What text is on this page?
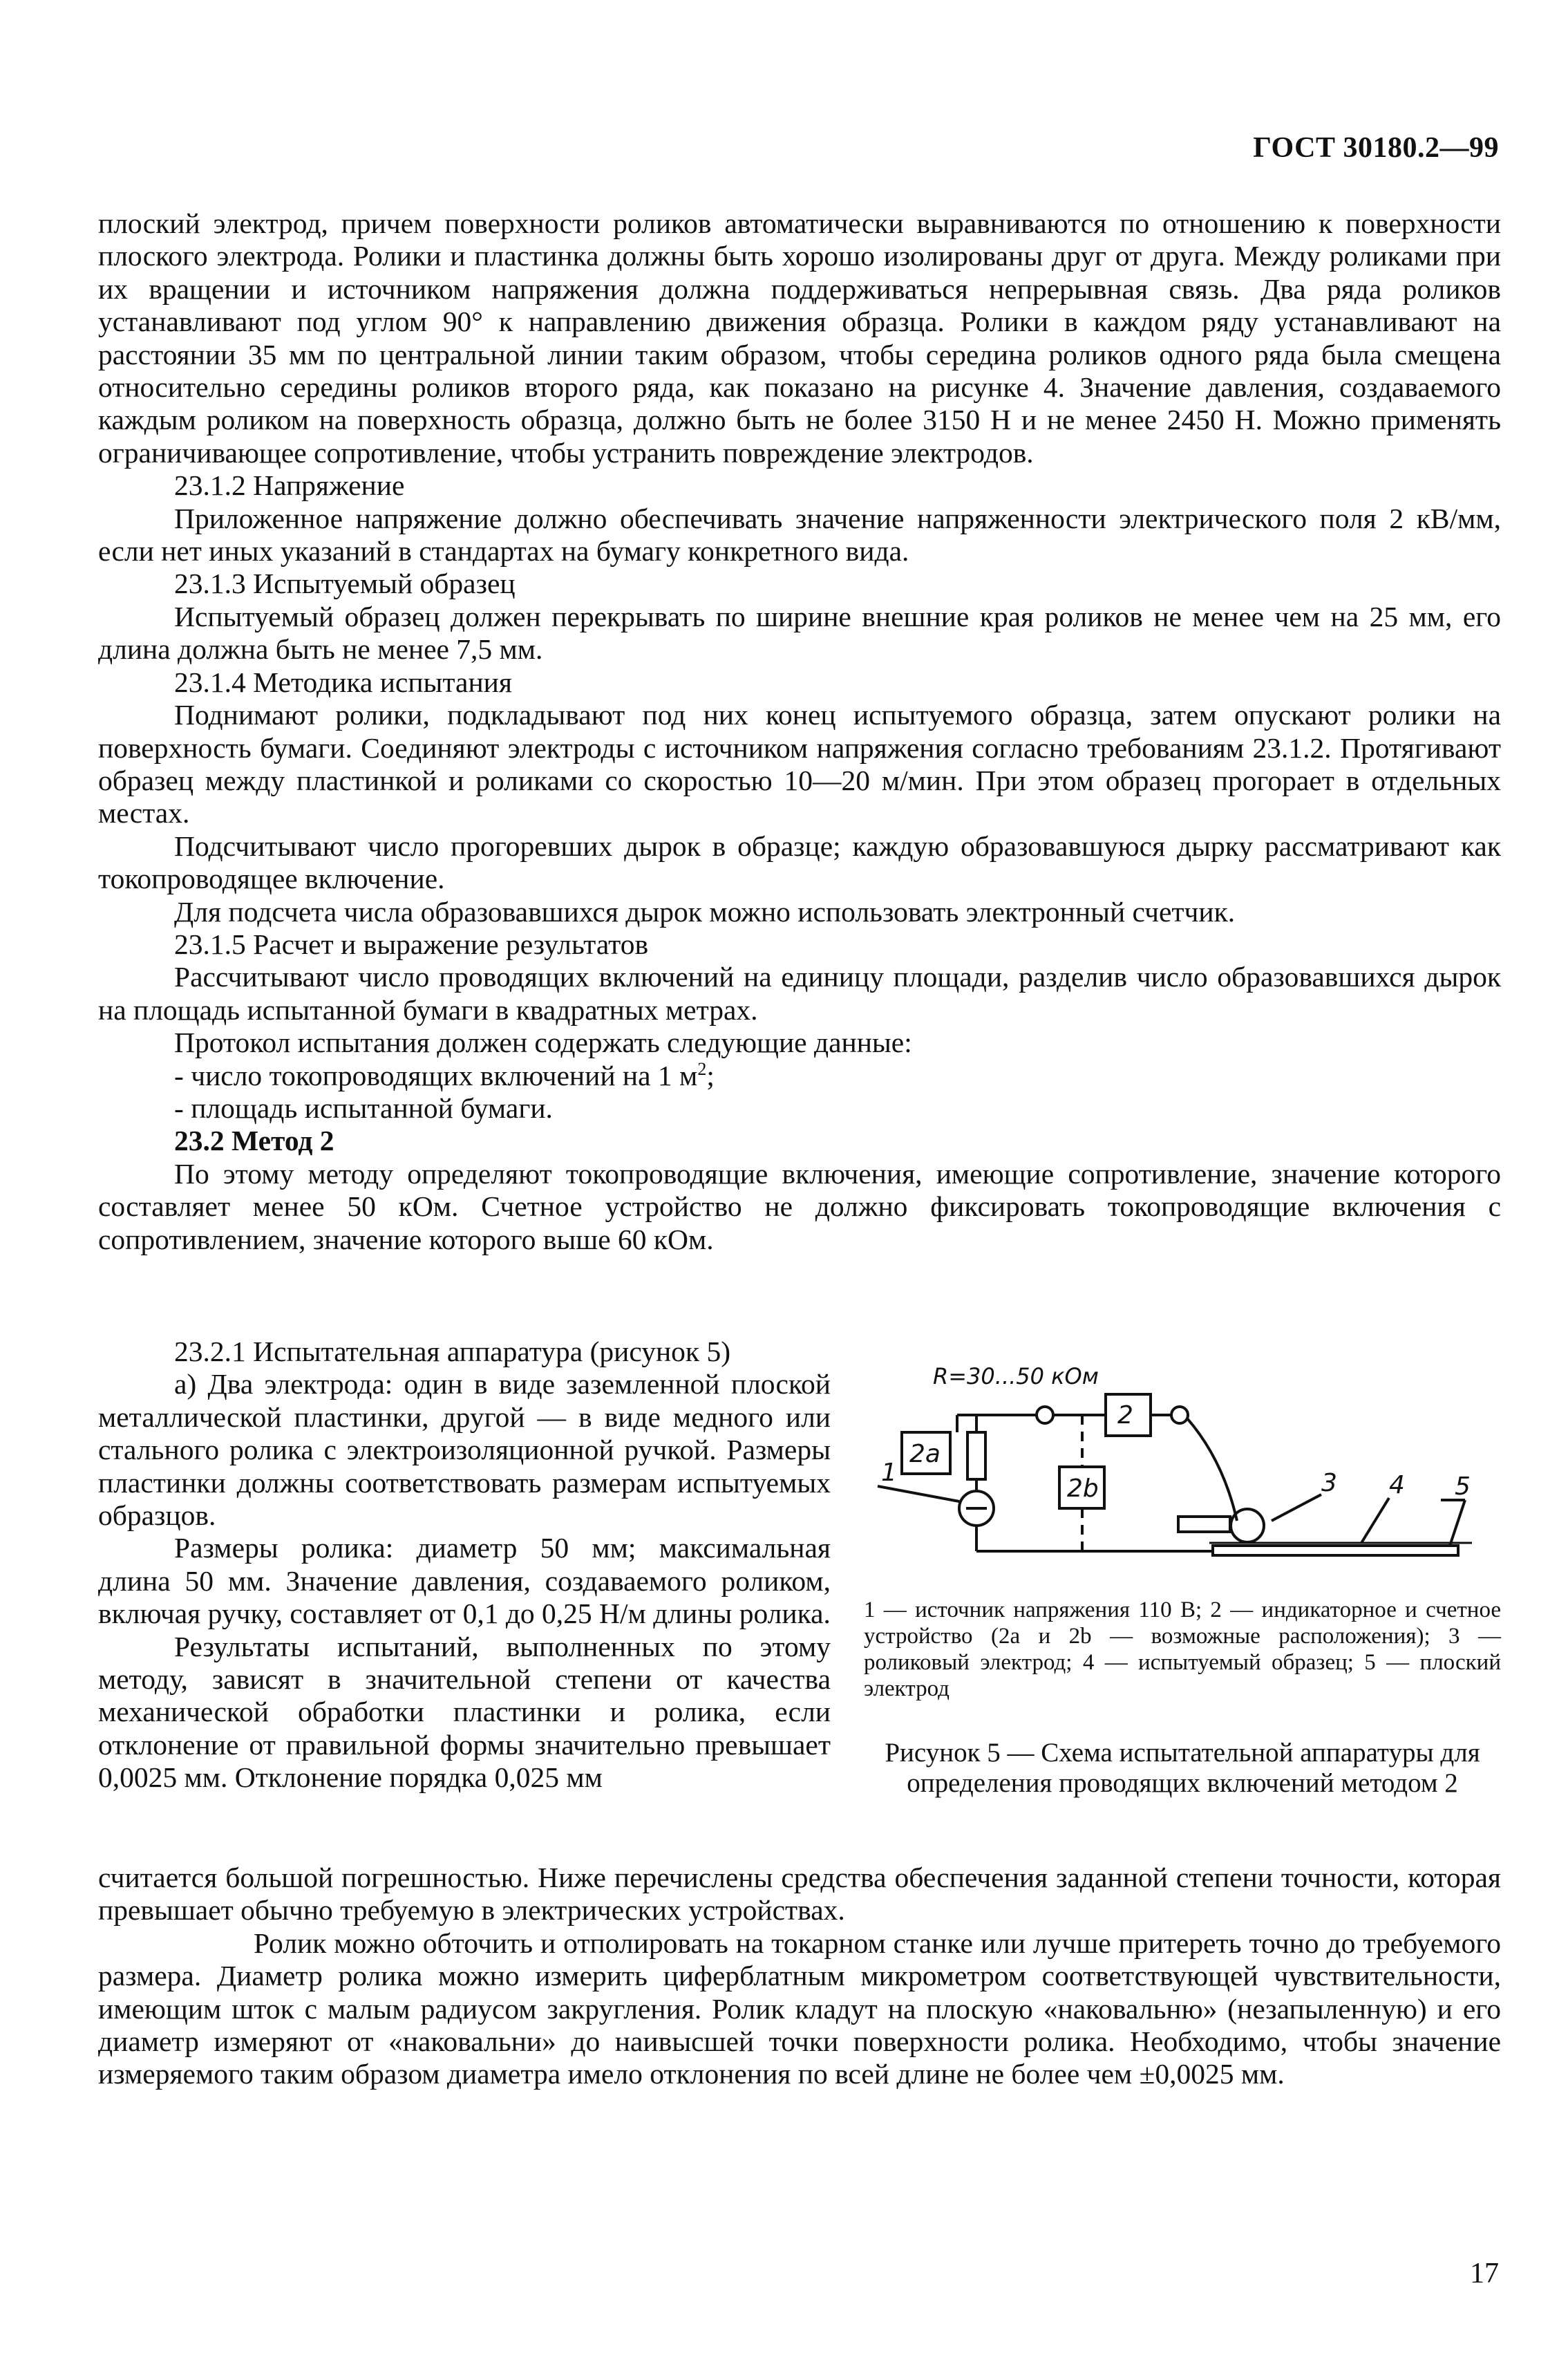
ГОСТ 30180.2—99

плоский электрод, причем поверхности роликов автоматически выравниваются по отношению к поверхности плоского электрода. Ролики и пластинка должны быть хорошо изолированы друг от друга. Между роликами при их вращении и источником напряжения должна поддерживаться непрерывная связь. Два ряда роликов устанавливают под углом 90° к направлению движения образца. Ролики в каждом ряду устанавливают на расстоянии 35 мм по центральной линии таким образом, чтобы середина роликов одного ряда была смещена относительно середины роликов второго ряда, как показано на рисунке 4. Значение давления, создаваемого каждым роликом на поверхность образца, должно быть не более 3150 Н и не менее 2450 Н. Можно применять ограничивающее сопротивление, чтобы устранить повреждение электродов.

23.1.2 Напряжение

Приложенное напряжение должно обеспечивать значение напряженности электрического поля 2 кВ/мм, если нет иных указаний в стандартах на бумагу конкретного вида.

23.1.3 Испытуемый образец

Испытуемый образец должен перекрывать по ширине внешние края роликов не менее чем на 25 мм, его длина должна быть не менее 7,5 мм.

23.1.4 Методика испытания

Поднимают ролики, подкладывают под них конец испытуемого образца, затем опускают ролики на поверхность бумаги. Соединяют электроды с источником напряжения согласно требованиям 23.1.2. Протягивают образец между пластинкой и роликами со скоростью 10—20 м/мин. При этом образец прогорает в отдельных местах.

Подсчитывают число прогоревших дырок в образце; каждую образовавшуюся дырку рассматривают как токопроводящее включение.

Для подсчета числа образовавшихся дырок можно использовать электронный счетчик.

23.1.5 Расчет и выражение результатов

Рассчитывают число проводящих включений на единицу площади, разделив число образовавшихся дырок на площадь испытанной бумаги в квадратных метрах.

Протокол испытания должен содержать следующие данные:

- число токопроводящих включений на 1 $м^2$;

- площадь испытанной бумаги.

23.2 Метод 2

По этому методу определяют токопроводящие включения, имеющие сопротивление, значение которого составляет менее 50 кОм. Счетное устройство не должно фиксировать токопроводящие включения с сопротивлением, значение которого выше 60 кОм.

23.2.1 Испытательная аппаратура (рисунок 5)

а) Два электрода: один в виде заземленной плоской металлической пластинки, другой — в виде медного или стального ролика с электроизоляционной ручкой. Размеры пластинки должны соответствовать размерам испытуемых образцов.

Размеры ролика: диаметр 50 мм; максимальная длина 50 мм. Значение давления, создаваемого роликом, включая ручку, составляет от 0,1 до 0,25 Н/м длины ролика.

Результаты испытаний, выполненных по этому методу, зависят в значительной степени от качества механической обработки пластинки и ролика, если отклонение от правильной формы значительно превышает 0,0025 мм. Отклонение порядка 0,025 мм

R=30...50 кОм
2
2a
2b
1	3 4 5
1 — источник напряжения 110 В; 2 — индикаторное и счетное устройство (2a и 2b — возможные расположения); 3 — роликовый электрод; 4 — испытуемый образец; 5 — плоский электрод
Рисунок 5 — Схема испытательной аппаратуры для определения проводящих включений методом 2

считается большой погрешностью. Ниже перечислены средства обеспечения заданной степени точности, которая превышает обычно требуемую в электрических устройствах.

Ролик можно обточить и отполировать на токарном станке или лучше притереть точно до требуемого размера. Диаметр ролика можно измерить циферблатным микрометром соответствующей чувствительности, имеющим шток с малым радиусом закругления. Ролик кладут на плоскую «наковальню» (незапыленную) и его диаметр измеряют от «наковальни» до наивысшей точки поверхности ролика. Необходимо, чтобы значение измеряемого таким образом диаметра имело отклонения по всей длине не более чем ±0,0025 мм.

17
